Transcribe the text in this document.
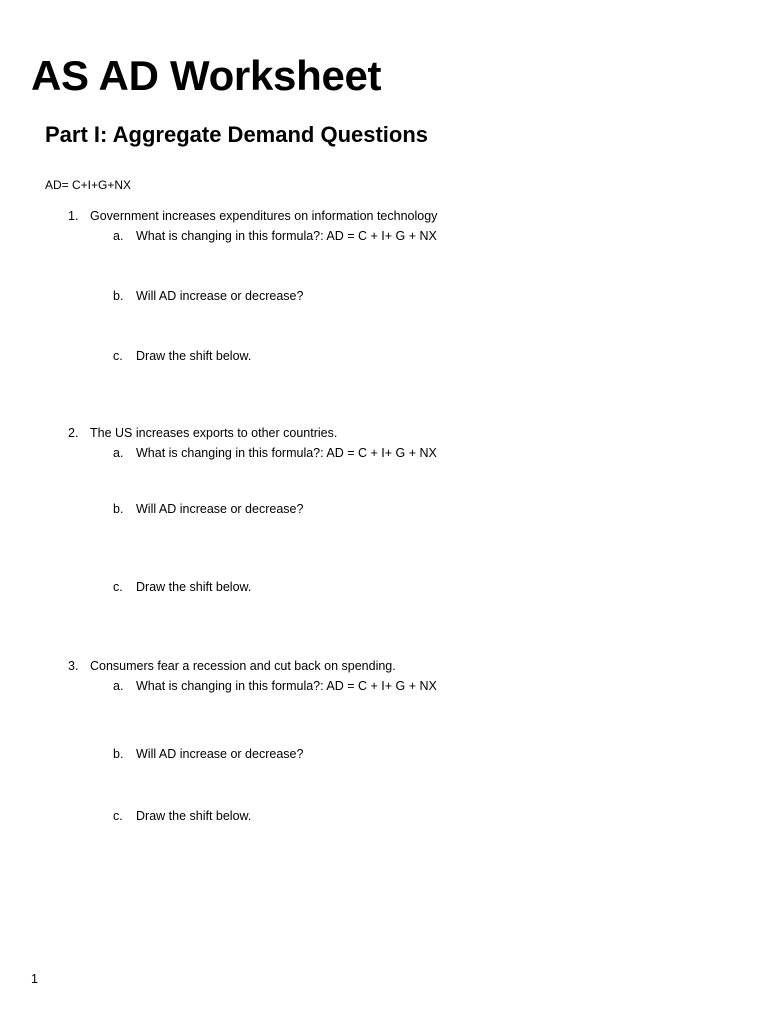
AS AD Worksheet
Part I: Aggregate Demand Questions
AD= C+I+G+NX
1. Government increases expenditures on information technology
a. What is changing in this formula?: AD = C + I+ G + NX
b. Will AD increase or decrease?
c. Draw the shift below.
2. The US increases exports to other countries.
a. What is changing in this formula?: AD = C + I+ G + NX
b. Will AD increase or decrease?
c. Draw the shift below.
3. Consumers fear a recession and cut back on spending.
a. What is changing in this formula?: AD = C + I+ G + NX
b. Will AD increase or decrease?
c. Draw the shift below.
1
